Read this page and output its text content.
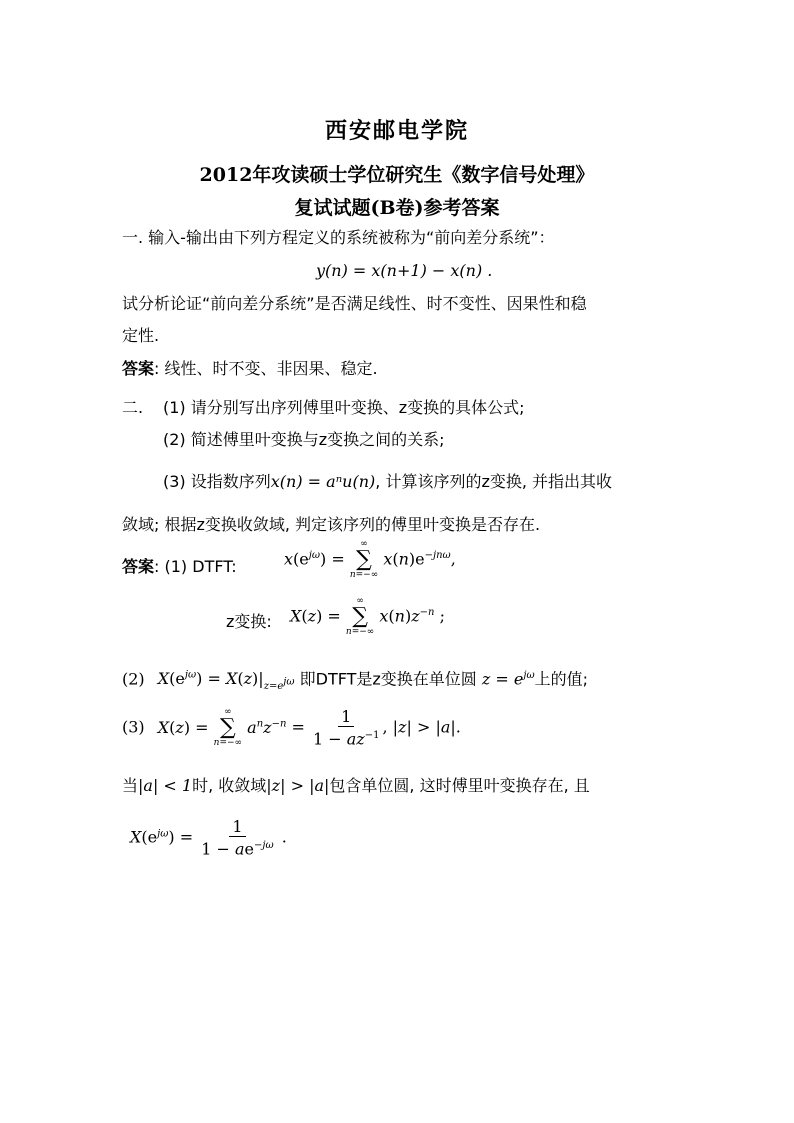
西安邮电学院
2012年攻读硕士学位研究生《数字信号处理》
复试试题(B卷)参考答案
一. 输入-输出由下列方程定义的系统被称为“前向差分系统”：
y(n) = x(n+1) − x(n) .
试分析论证“前向差分系统”是否满足线性、时不变性、因果性和稳
定性.
答案: 线性、时不变、非因果、稳定.
二. (1) 请分别写出序列傅里叶变换、z变换的具体公式;
(2) 简述傅里叶变换与z变换之间的关系;
(3) 设指数序列x(n) = aⁿu(n), 计算该序列的z变换, 并指出其收
敛域; 根据z变换收敛域, 判定该序列的傅里叶变换是否存在.
答案: (1) DTFT:	$x(e^{j\omega})$ =
∞
∑
n=−∞
$x(n)e^{-jn\omega}$,
z变换: X(z) =
∞
∑
n=−∞
$x(n)z^{-n}$ ;
(2) $X(e^{j\omega}) = X(z)|_{z=e^{j\omega}}$ 即DTFT是z变换在单位圆 $z = e^{j\omega}$上的值;
(3) X(z) =
∞
∑
n=−∞
$a^nz^{-n} = \frac{1}{1 - az^{-1}}$ , |z| > |a|.
当|a| < 1时, 收敛域|z| > |a|包含单位圆, 这时傅里叶变换存在, 且
$X(e^{j\omega}) = \frac{1}{1 - ae^{-j\omega}}$ .
